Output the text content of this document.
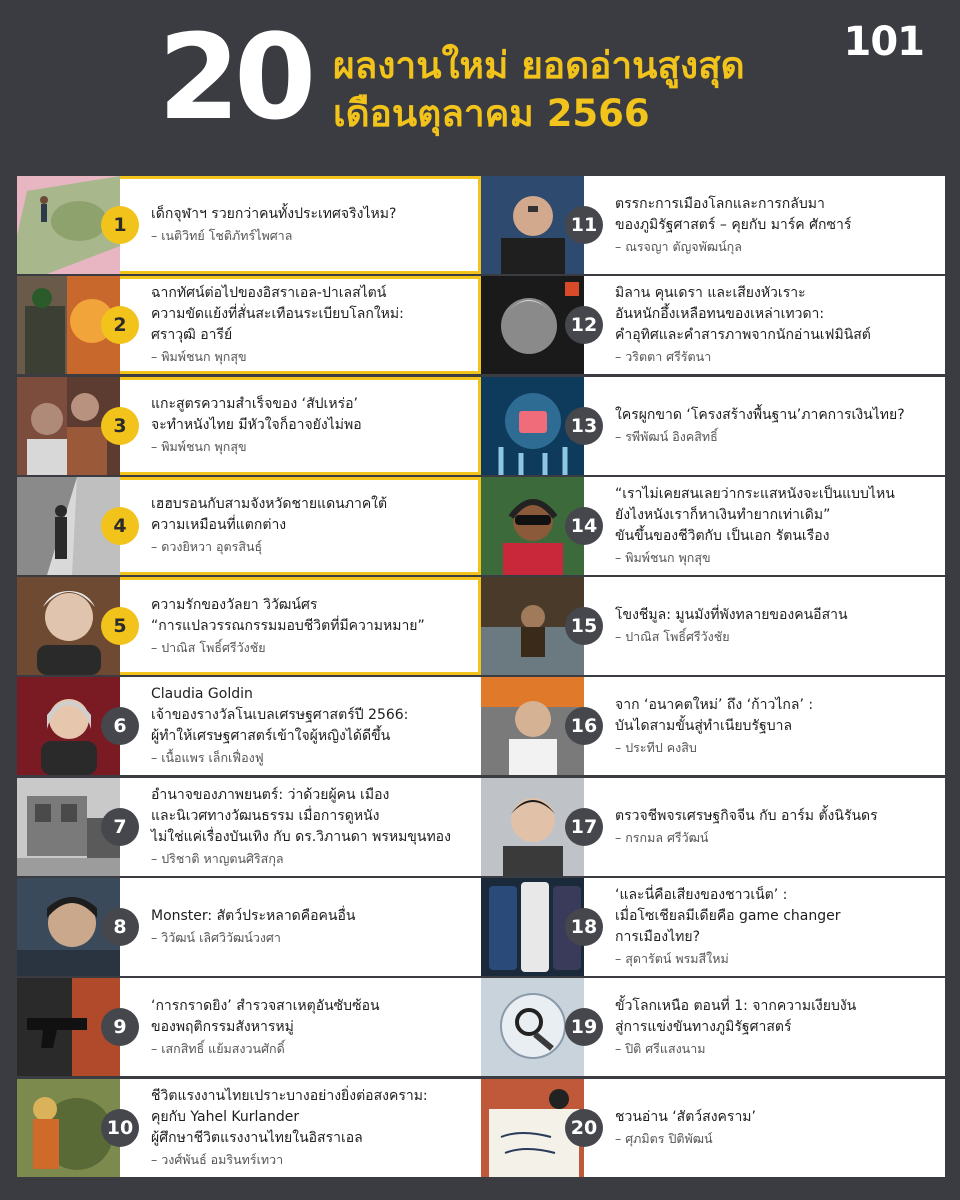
20 ผลงานใหม่ ยอดอ่านสูงสุด
เดือนตุลาคม 2566
101
1	เด็กจุฬาฯ รวยกว่าคนทั้งประเทศจริงไหม?
– เนติวิทย์ โชติภัทร์ไพศาล
2
ฉากทัศน์ต่อไปของอิสราเอล-ปาเลสไตน์
ความขัดแย้งที่สั่นสะเทือนระเบียบโลกใหม่:
ศราวุฒิ อารีย์
– พิมพ์ชนก พุกสุข
3
แกะสูตรความสำเร็จของ ‘สัปเหร่อ’
จะทำหนังไทย มีหัวใจก็อาจยังไม่พอ
– พิมพ์ชนก พุกสุข
4
เฮฮบรอนกับสามจังหวัดชายแดนภาคใต้
ความเหมือนที่แตกต่าง
– ดวงยิหวา อุตรสินธุ์
5
ความรักของวัลยา วิวัฒน์ศร
“การแปลวรรณกรรมมอบชีวิตที่มีความหมาย”
– ปาณิส โพธิ์ศรีวังชัย
6
Claudia Goldin
เจ้าของรางวัลโนเบลเศรษฐศาสตร์ปี 2566:
ผู้ทำให้เศรษฐศาสตร์เข้าใจผู้หญิงได้ดีขึ้น
– เนื้อแพร เล็กเฟื่องฟู
7
อำนาจของภาพยนตร์: ว่าด้วยผู้คน เมือง
และนิเวศทางวัฒนธรรม เมื่อการดูหนัง
ไม่ใช่แค่เรื่องบันเทิง กับ ดร.วิภานดา พรหมขุนทอง
– ปริชาติ หาญตนศิริสกุล
8	Monster: สัตว์ประหลาดคือคนอื่น
– วิวัฒน์ เลิศวิวัฒน์วงศา
9
‘การกราดยิง’ สำรวจสาเหตุอันซับซ้อน
ของพฤติกรรมสังหารหมู่
– เสกสิทธิ์ แย้มสงวนศักดิ์
10
ชีวิตแรงงานไทยเปราะบางอย่างยิ่งต่อสงคราม:
คุยกับ Yahel Kurlander
ผู้ศึกษาชีวิตแรงงานไทยในอิสราเอล
– วงศ์พันธ์ อมรินทร์เทวา
11
ตรรกะการเมืองโลกและการกลับมา
ของภูมิรัฐศาสตร์ – คุยกับ มาร์ค ศักซาร์
– ณรจญา ตัญจพัฒน์กุล
12
มิลาน คุนเดรา และเสียงหัวเราะ
อันหนักอึ้งเหลือทนของเหล่าเทวดา:
คำอุทิศและคำสารภาพจากนักอ่านเฟมินิสต์
– วริตตา ศรีรัตนา
13	ใครผูกขาด ‘โครงสร้างพื้นฐาน’ภาคการเงินไทย?
– รพีพัฒน์ อิงคสิทธิ์
14
“เราไม่เคยสนเลยว่ากระแสหนังจะเป็นแบบไหน
ยังไงหนังเราก็หาเงินทำยากเท่าเดิม”
ขันขึ้นของชีวิตกับ เป็นเอก รัตนเรือง
– พิมพ์ชนก พุกสุข
15	โขงชีมูล: มูนมังที่พังทลายของคนอีสาน
– ปาณิส โพธิ์ศรีวังชัย
16
จาก ‘อนาคตใหม่’ ถึง ‘ก้าวไกล’ :
บันไดสามขั้นสู่ทำเนียบรัฐบาล
– ประทีป คงสิบ
17	ตรวจชีพจรเศรษฐกิจจีน กับ อาร์ม ตั้งนิรันดร
– กรกมล ศรีวัฒน์
18
‘และนี่คือเสียงของชาวเน็ต’ :
เมื่อโซเชียลมีเดียคือ game changer
การเมืองไทย?
– สุดารัตน์ พรมสีใหม่
19
ขั้วโลกเหนือ ตอนที่ 1: จากความเงียบงัน
สู่การแข่งขันทางภูมิรัฐศาสตร์
– ปิติ ศรีแสงนาม
20	ชวนอ่าน ‘สัตว์สงคราม’
– ศุภมิตร ปิติพัฒน์
